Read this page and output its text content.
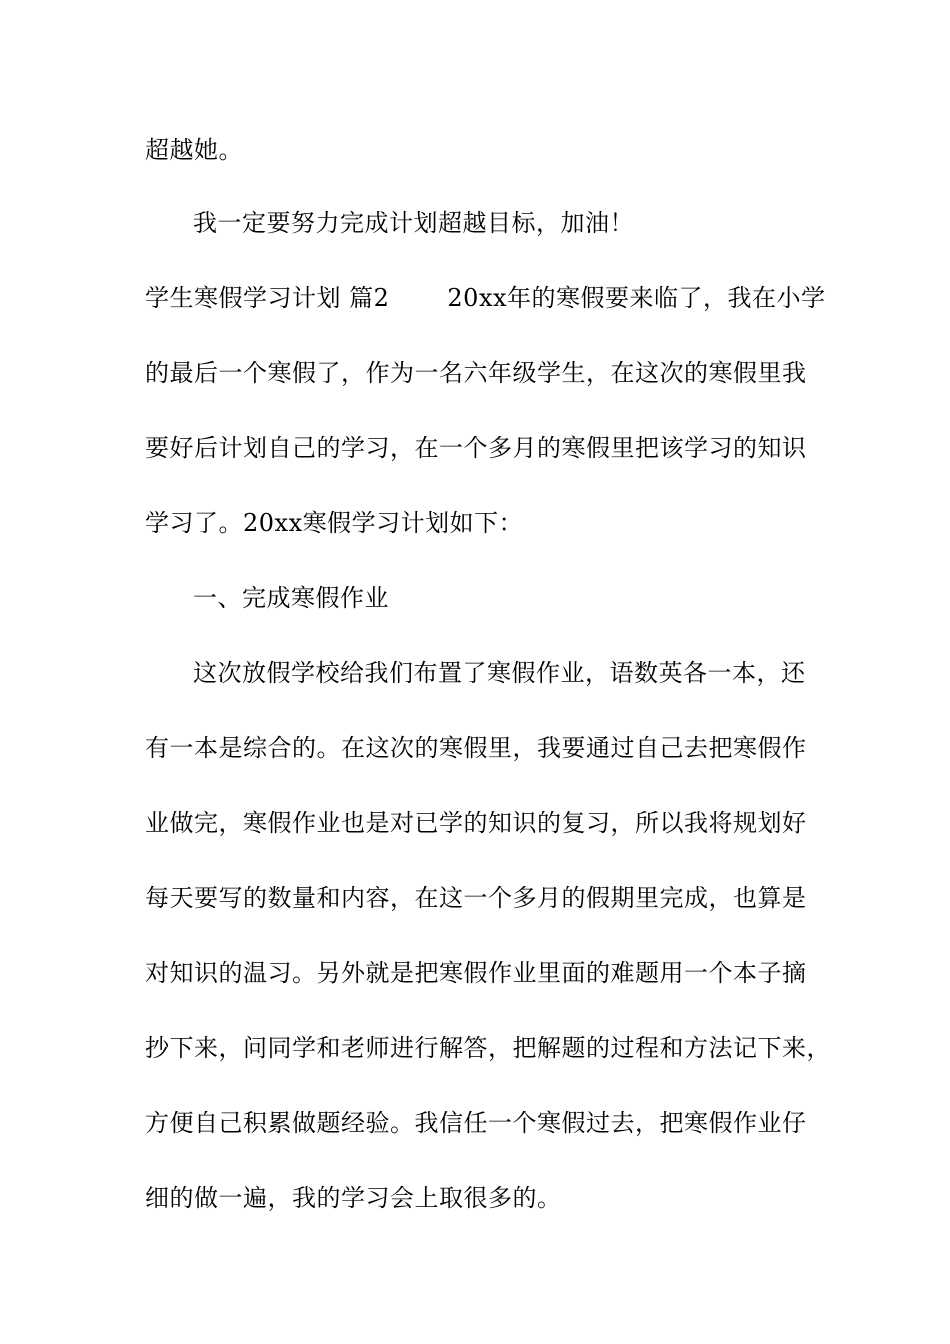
超越她。
我一定要努力完成计划超越目标，加油！
学生寒假学习计划 篇2 20xx年的寒假要来临了，我在小学
的最后一个寒假了，作为一名六年级学生，在这次的寒假里我
要好后计划自己的学习，在一个多月的寒假里把该学习的知识
学习了。20xx寒假学习计划如下：
一、完成寒假作业
这次放假学校给我们布置了寒假作业，语数英各一本，还
有一本是综合的。在这次的寒假里，我要通过自己去把寒假作
业做完，寒假作业也是对已学的知识的复习，所以我将规划好
每天要写的数量和内容，在这一个多月的假期里完成，也算是
对知识的温习。另外就是把寒假作业里面的难题用一个本子摘
抄下来，问同学和老师进行解答，把解题的过程和方法记下来，
方便自己积累做题经验。我信任一个寒假过去，把寒假作业仔
细的做一遍，我的学习会上取很多的。
